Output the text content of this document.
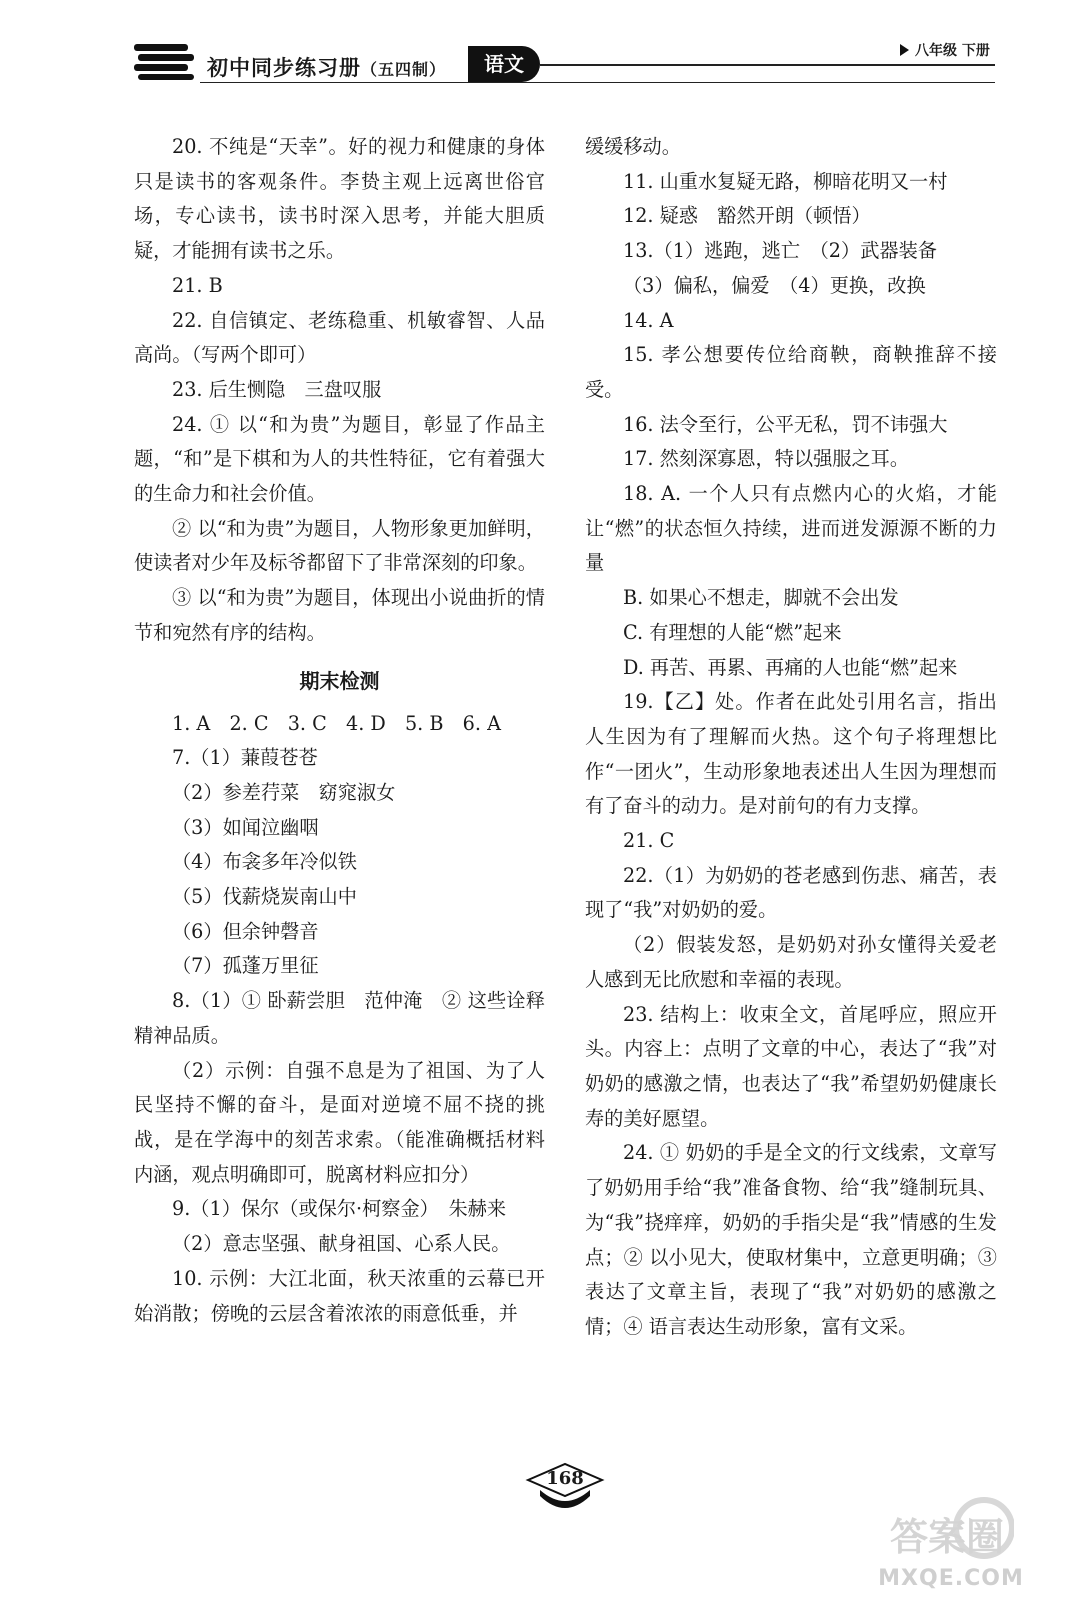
初中同步练习册（五四制）	语文
八年级 下册

20. 不纯是“天幸”。好的视力和健康的身体只是读书的客观条件。李贽主观上远离世俗官场，专心读书，读书时深入思考，并能大胆质疑，才能拥有读书之乐。

21. B

22. 自信镇定、老练稳重、机敏睿智、人品高尚。（写两个即可）

23. 后生恻隐　三盘叹服

24. ① 以“和为贵”为题目，彰显了作品主题，“和”是下棋和为人的共性特征，它有着强大的生命力和社会价值。

② 以“和为贵”为题目，人物形象更加鲜明，使读者对少年及标爷都留下了非常深刻的印象。

③ 以“和为贵”为题目，体现出小说曲折的情节和宛然有序的结构。

期末检测

1. A　2. C　3. C　4. D　5. B　6. A

7.（1）蒹葭苍苍

（2）参差荇菜　窈窕淑女

（3）如闻泣幽咽

（4）布衾多年冷似铁

（5）伐薪烧炭南山中

（6）但余钟磬音

（7）孤蓬万里征

8.（1）① 卧薪尝胆　范仲淹　② 这些诠释精神品质。

（2）示例：自强不息是为了祖国、为了人民坚持不懈的奋斗，是面对逆境不屈不挠的挑战，是在学海中的刻苦求索。（能准确概括材料内涵，观点明确即可，脱离材料应扣分）

9.（1）保尔（或保尔·柯察金）　朱赫来

（2）意志坚强、献身祖国、心系人民。

10. 示例：大江北面，秋天浓重的云幕已开始消散；傍晚的云层含着浓浓的雨意低垂，并

缓缓移动。

11. 山重水复疑无路，柳暗花明又一村

12. 疑惑　豁然开朗（顿悟）

13.（1）逃跑，逃亡　（2）武器装备

（3）偏私，偏爱　（4）更换，改换

14. A

15. 孝公想要传位给商鞅，商鞅推辞不接受。

16. 法令至行，公平无私，罚不讳强大

17. 然刻深寡恩，特以强服之耳。

18. A. 一个人只有点燃内心的火焰，才能让“燃”的状态恒久持续，进而迸发源源不断的力量

B. 如果心不想走，脚就不会出发

C. 有理想的人能“燃”起来

D. 再苦、再累、再痛的人也能“燃”起来

19.【乙】处。作者在此处引用名言，指出人生因为有了理解而火热。这个句子将理想比作“一团火”，生动形象地表述出人生因为理想而有了奋斗的动力。是对前句的有力支撑。

21. C

22.（1）为奶奶的苍老感到伤悲、痛苦，表现了“我”对奶奶的爱。

（2）假装发怒，是奶奶对孙女懂得关爱老人感到无比欣慰和幸福的表现。

23. 结构上：收束全文，首尾呼应，照应开头。内容上：点明了文章的中心，表达了“我”对奶奶的感激之情，也表达了“我”希望奶奶健康长寿的美好愿望。

24. ① 奶奶的手是全文的行文线索，文章写了奶奶用手给“我”准备食物、给“我”缝制玩具、为“我”挠痒痒，奶奶的手指尖是“我”情感的生发点；② 以小见大，使取材集中，立意更明确；③ 表达了文章主旨，表现了“我”对奶奶的感激之情；④ 语言表达生动形象，富有文采。

168
答案圈
MXQE.COM
